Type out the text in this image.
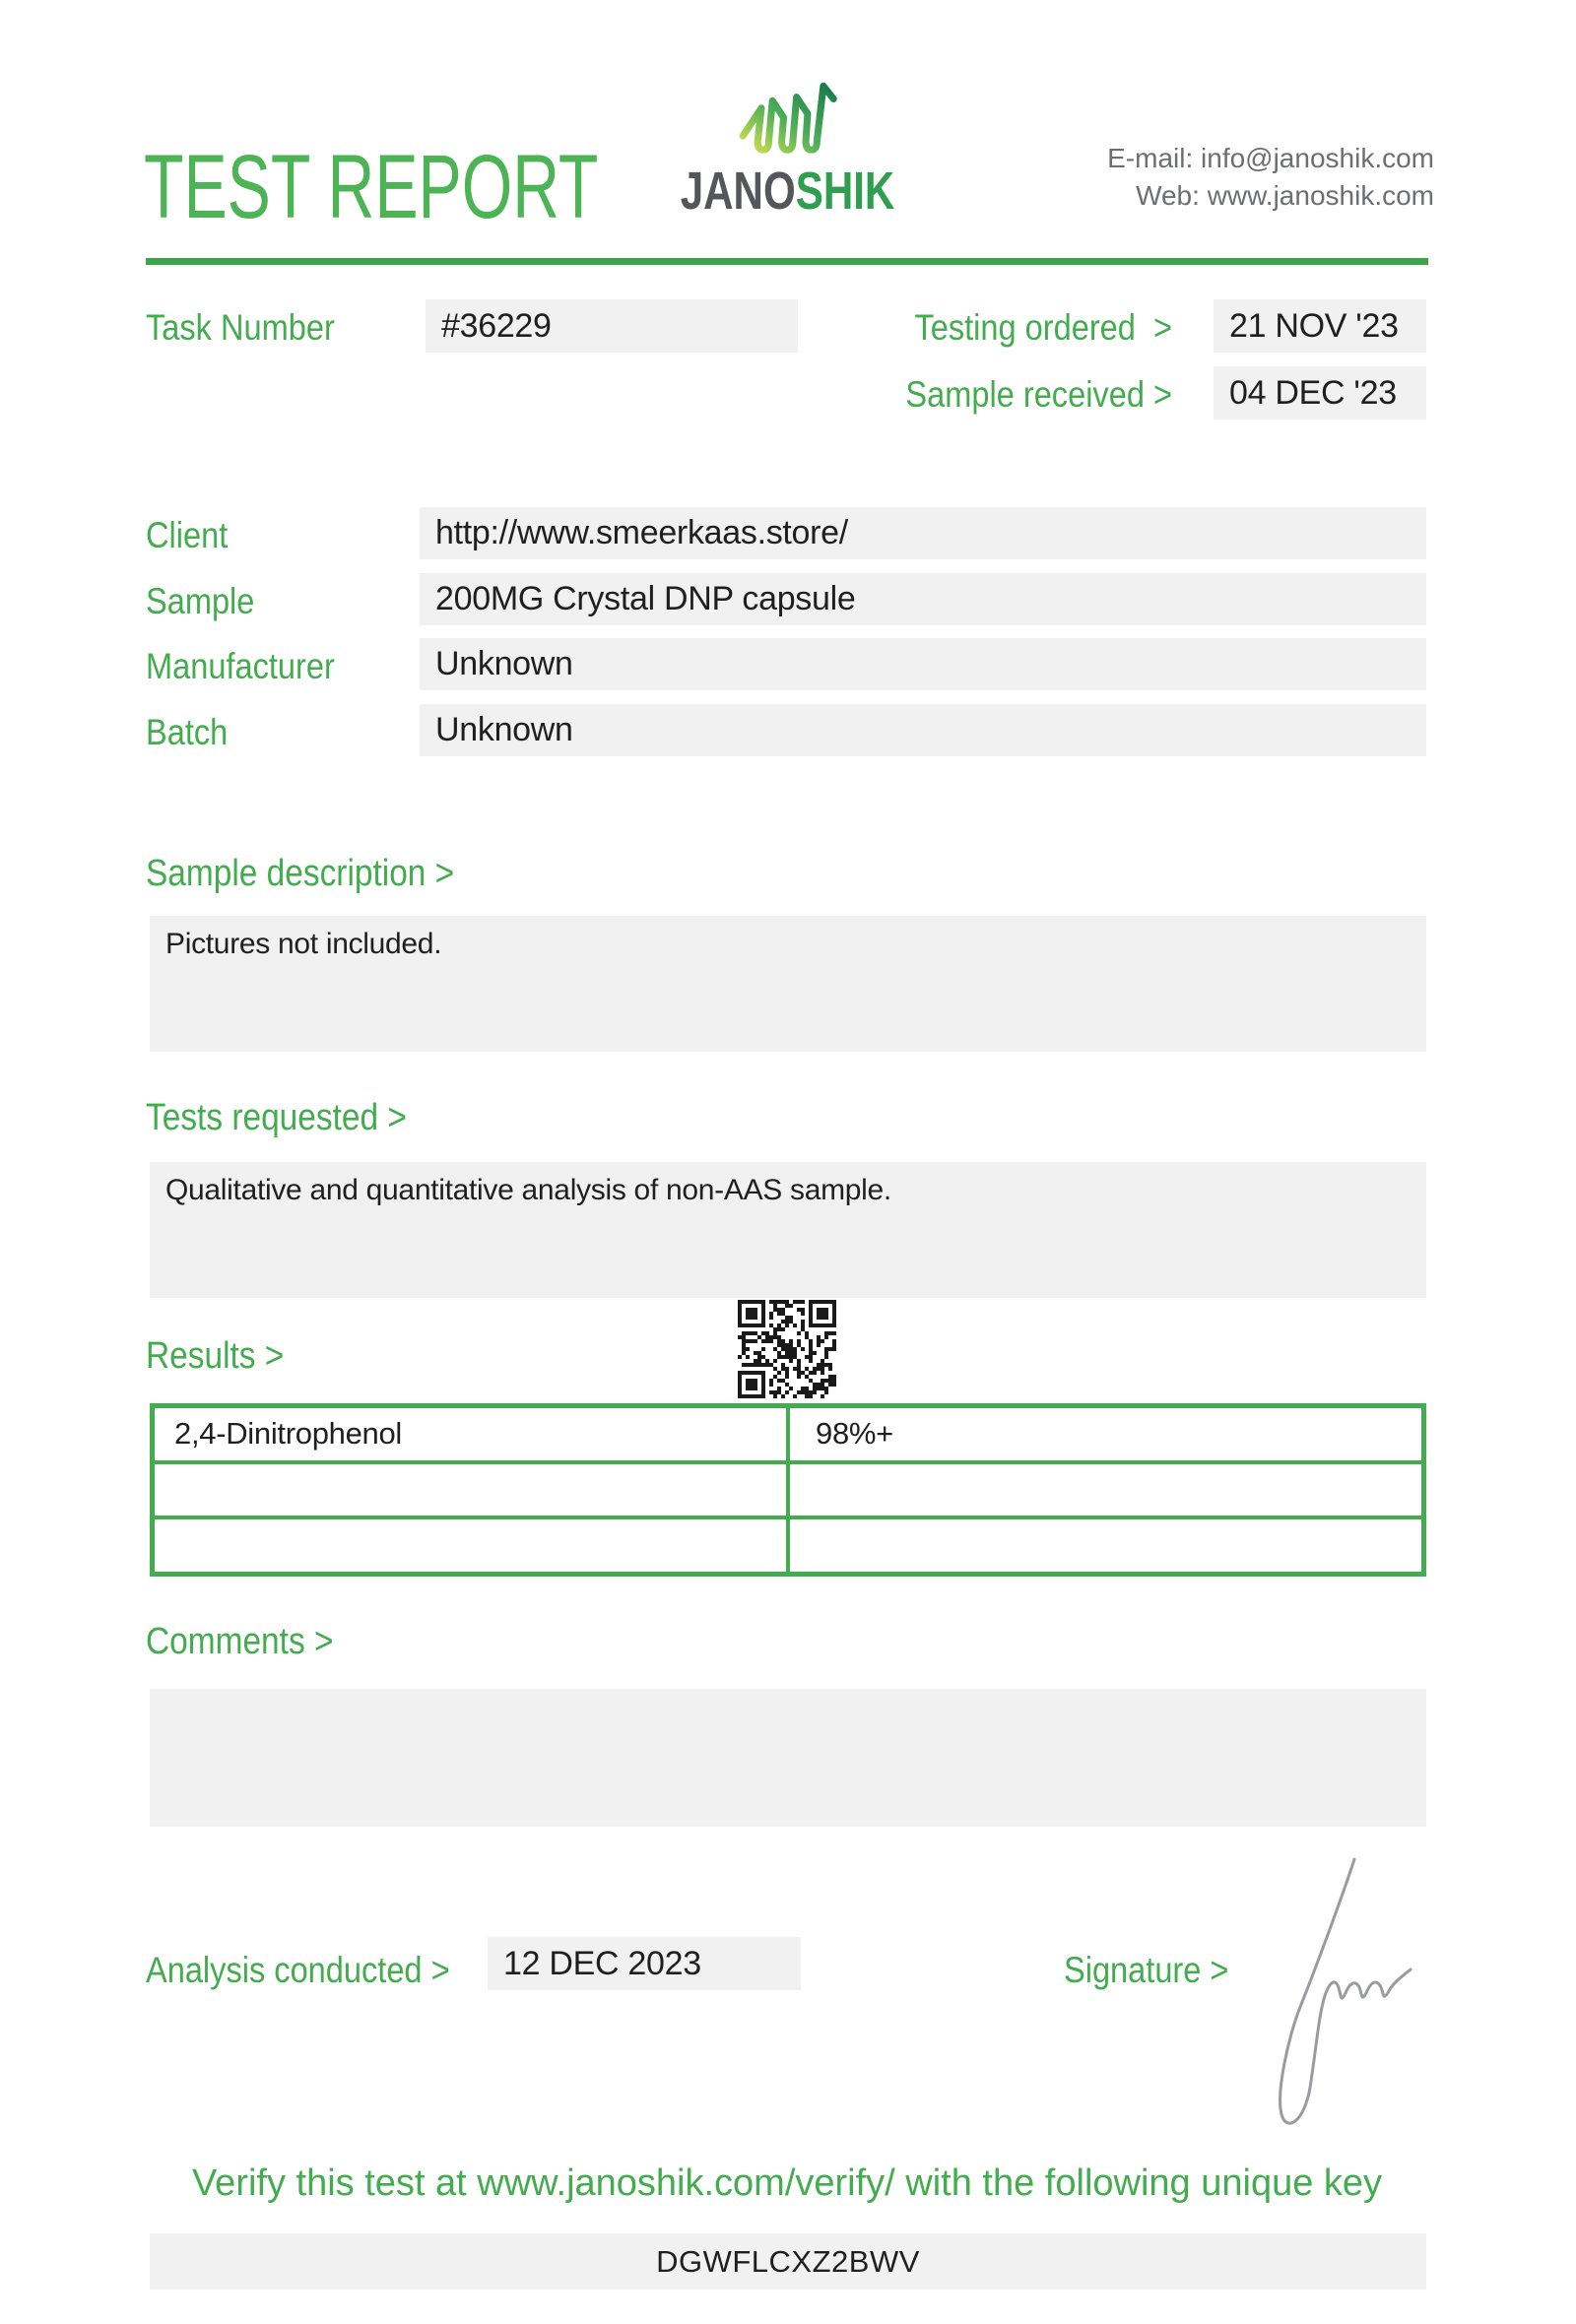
TEST REPORT JANOSHIK
E-mail: info@janoshik.com
Web: www.janoshik.com
Task Number	#36229	Testing ordered >	21 NOV '23
Sample received >	04 DEC '23
Client	http://www.smeerkaas.store/
Sample	200MG Crystal DNP capsule
Manufacturer	Unknown
Batch	Unknown
Sample description >
Pictures not included.
Tests requested >
Qualitative and quantitative analysis of non-AAS sample.
Results >
2,4-Dinitrophenol	98%+
Comments >
Analysis conducted >	12 DEC 2023	Signature >
Verify this test at www.janoshik.com/verify/ with the following unique key
DGWFLCXZ2BWV
